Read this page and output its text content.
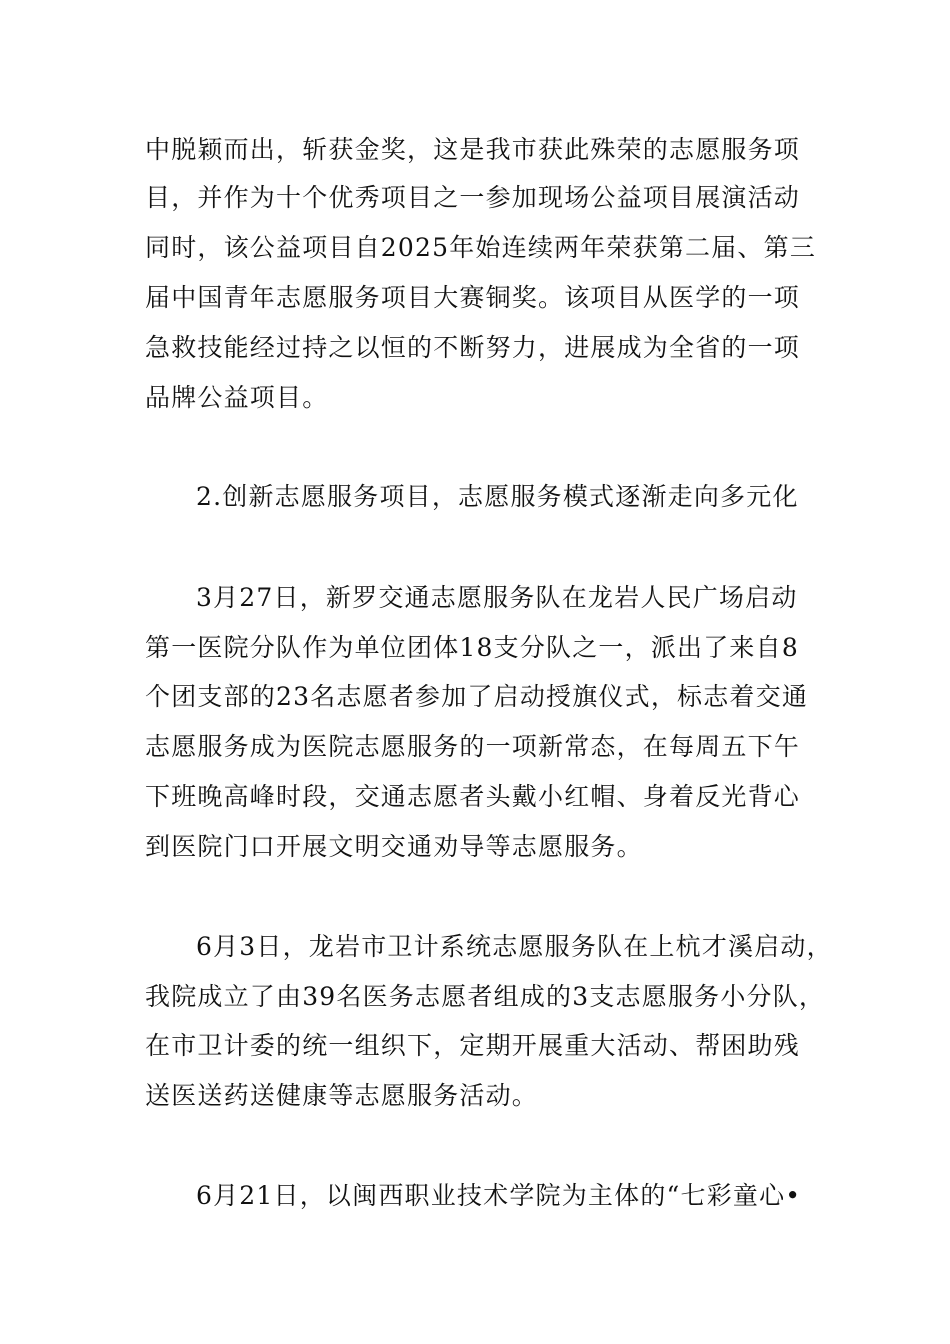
中脱颖而出，斩获金奖，这是我市获此殊荣的志愿服务项
目，并作为十个优秀项目之一参加现场公益项目展演活动
同时，该公益项目自2025年始连续两年荣获第二届、第三
届中国青年志愿服务项目大赛铜奖。该项目从医学的一项
急救技能经过持之以恒的不断努力，进展成为全省的一项
品牌公益项目。
2.创新志愿服务项目，志愿服务模式逐渐走向多元化
3月27日，新罗交通志愿服务队在龙岩人民广场启动
第一医院分队作为单位团体18支分队之一，派出了来自8
个团支部的23名志愿者参加了启动授旗仪式，标志着交通
志愿服务成为医院志愿服务的一项新常态，在每周五下午
下班晚高峰时段，交通志愿者头戴小红帽、身着反光背心
到医院门口开展文明交通劝导等志愿服务。
6月3日，龙岩市卫计系统志愿服务队在上杭才溪启动，
我院成立了由39名医务志愿者组成的3支志愿服务小分队，
在市卫计委的统一组织下，定期开展重大活动、帮困助残
送医送药送健康等志愿服务活动。
6月21日，以闽西职业技术学院为主体的“七彩童心•
